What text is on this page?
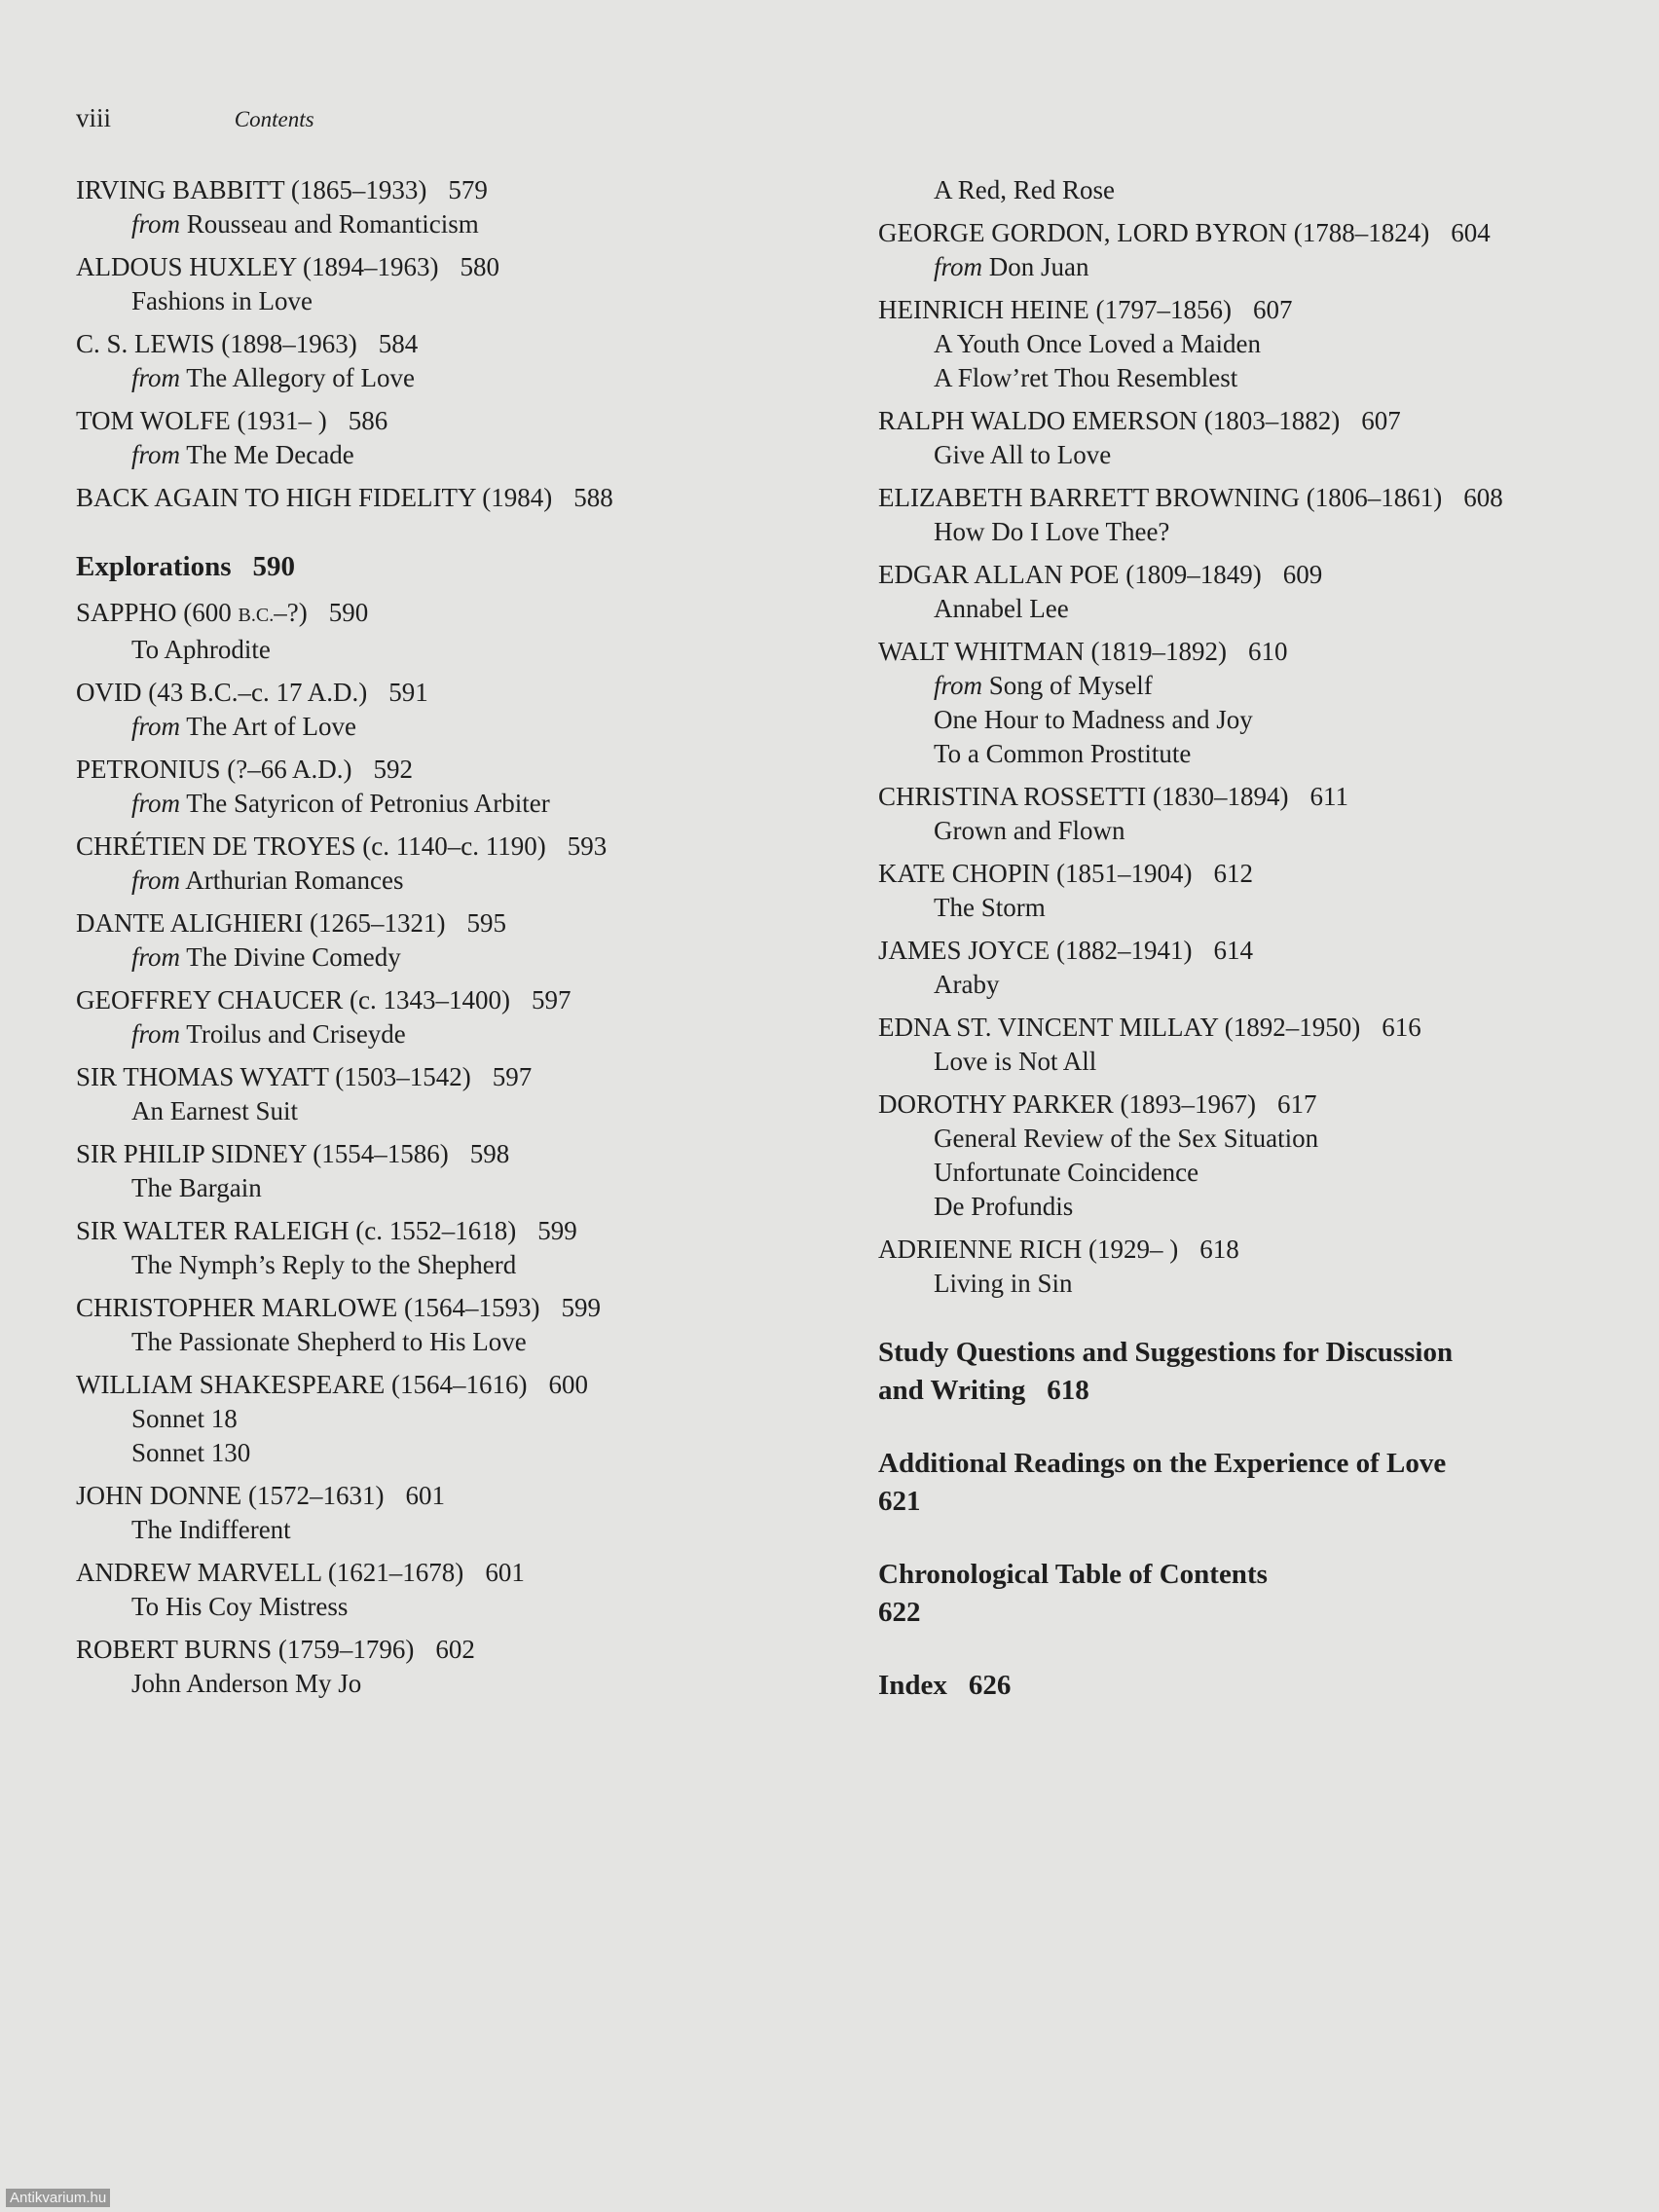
viii	Contents
IRVING BABBITT (1865–1933) 579
from Rousseau and Romanticism
ALDOUS HUXLEY (1894–1963) 580
Fashions in Love
C. S. LEWIS (1898–1963) 584
from The Allegory of Love
TOM WOLFE (1931– ) 586
from The Me Decade
BACK AGAIN TO HIGH FIDELITY (1984) 588
Explorations 590
SAPPHO (600 B.C.–?) 590
To Aphrodite
OVID (43 B.C.–c. 17 A.D.) 591
from The Art of Love
PETRONIUS (?–66 A.D.) 592
from The Satyricon of Petronius Arbiter
CHRÉTIEN DE TROYES (c. 1140–c. 1190) 593
from Arthurian Romances
DANTE ALIGHIERI (1265–1321) 595
from The Divine Comedy
GEOFFREY CHAUCER (c. 1343–1400) 597
from Troilus and Criseyde
SIR THOMAS WYATT (1503–1542) 597
An Earnest Suit
SIR PHILIP SIDNEY (1554–1586) 598
The Bargain
SIR WALTER RALEIGH (c. 1552–1618) 599
The Nymph’s Reply to the Shepherd
CHRISTOPHER MARLOWE (1564–1593) 599
The Passionate Shepherd to His Love
WILLIAM SHAKESPEARE (1564–1616) 600
Sonnet 18
Sonnet 130
JOHN DONNE (1572–1631) 601
The Indifferent
ANDREW MARVELL (1621–1678) 601
To His Coy Mistress
ROBERT BURNS (1759–1796) 602
John Anderson My Jo
A Red, Red Rose
GEORGE GORDON, LORD BYRON (1788–1824) 604
from Don Juan
HEINRICH HEINE (1797–1856) 607
A Youth Once Loved a Maiden
A Flow’ret Thou Resemblest
RALPH WALDO EMERSON (1803–1882) 607
Give All to Love
ELIZABETH BARRETT BROWNING (1806–1861) 608
How Do I Love Thee?
EDGAR ALLAN POE (1809–1849) 609
Annabel Lee
WALT WHITMAN (1819–1892) 610
from Song of Myself
One Hour to Madness and Joy
To a Common Prostitute
CHRISTINA ROSSETTI (1830–1894) 611
Grown and Flown
KATE CHOPIN (1851–1904) 612
The Storm
JAMES JOYCE (1882–1941) 614
Araby
EDNA ST. VINCENT MILLAY (1892–1950) 616
Love is Not All
DOROTHY PARKER (1893–1967) 617
General Review of the Sex Situation
Unfortunate Coincidence
De Profundis
ADRIENNE RICH (1929– ) 618
Living in Sin
Study Questions and Suggestions for Discussion
and Writing 618
Additional Readings on the Experience of Love
621
Chronological Table of Contents
622
Index 626
Antikvarium.hu
